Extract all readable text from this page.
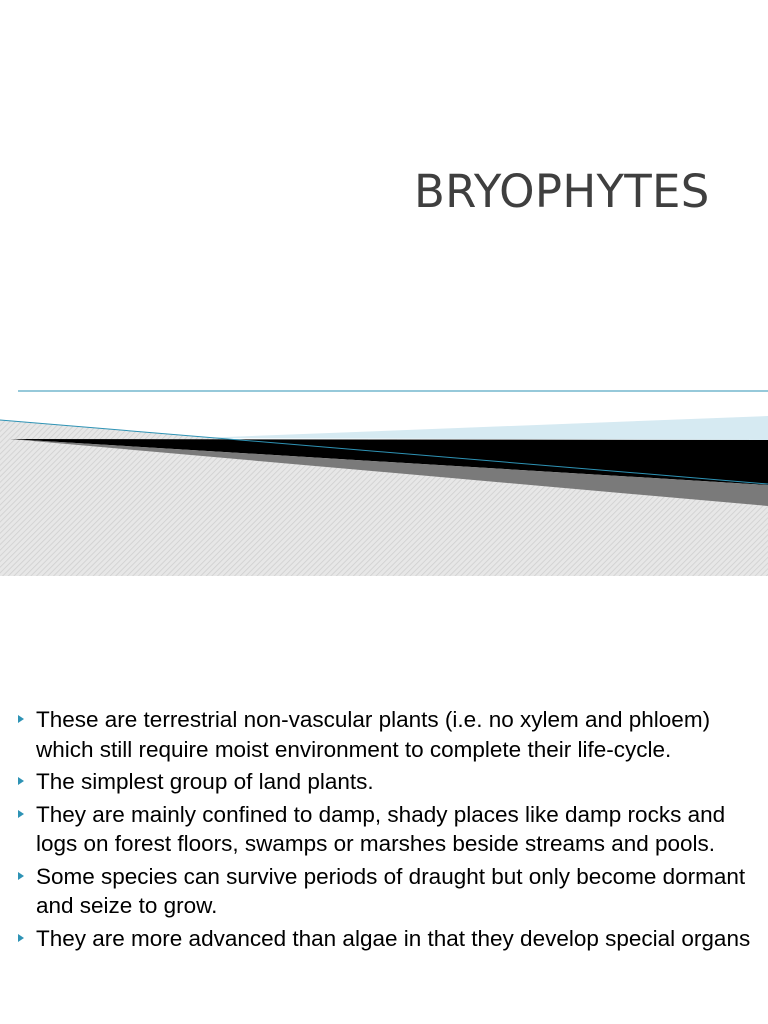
BRYOPHYTES
These are terrestrial non-vascular plants (i.e. no xylem and phloem) which still require moist environment to complete their life-cycle.
The simplest group of land plants.
They are mainly confined to damp, shady places like damp rocks and logs on forest floors, swamps or marshes beside streams and pools.
Some species can survive periods of draught but only become dormant and seize to grow.
They are more advanced than algae in that they develop special organs
